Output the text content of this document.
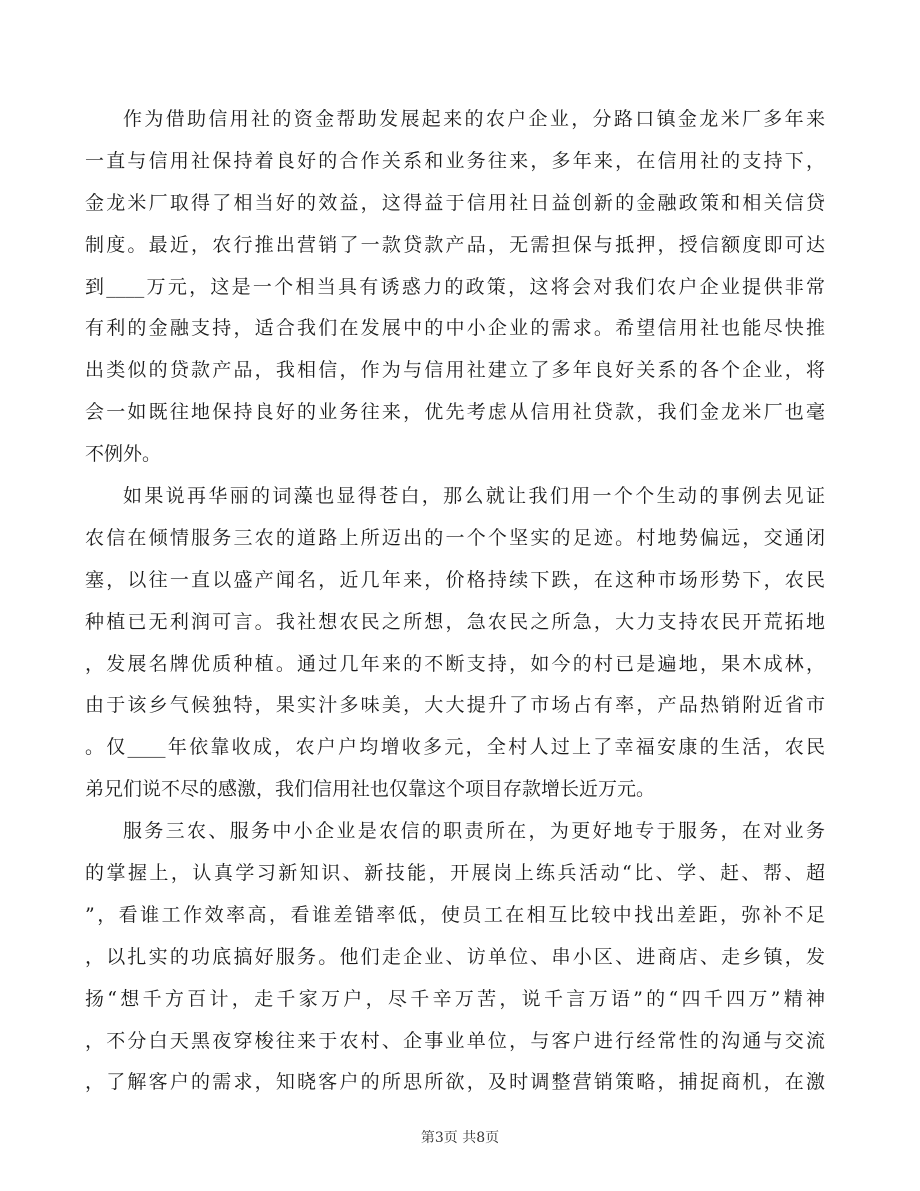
作为借助信用社的资金帮助发展起来的农户企业，分路口镇金龙米厂多年来
一直与信用社保持着良好的合作关系和业务往来，多年来，在信用社的支持下，
金龙米厂取得了相当好的效益，这得益于信用社日益创新的金融政策和相关信贷
制度。最近，农行推出营销了一款贷款产品，无需担保与抵押，授信额度即可达
到____万元，这是一个相当具有诱惑力的政策，这将会对我们农户企业提供非常
有利的金融支持，适合我们在发展中的中小企业的需求。希望信用社也能尽快推
出类似的贷款产品，我相信，作为与信用社建立了多年良好关系的各个企业，将
会一如既往地保持良好的业务往来，优先考虑从信用社贷款，我们金龙米厂也毫
不例外。
如果说再华丽的词藻也显得苍白，那么就让我们用一个个生动的事例去见证
农信在倾情服务三农的道路上所迈出的一个个坚实的足迹。村地势偏远，交通闭
塞，以往一直以盛产闻名，近几年来，价格持续下跌，在这种市场形势下，农民
种植已无利润可言。我社想农民之所想，急农民之所急，大力支持农民开荒拓地
，发展名牌优质种植。通过几年来的不断支持，如今的村已是遍地，果木成林，
由于该乡气候独特，果实汁多味美，大大提升了市场占有率，产品热销附近省市
。仅____年依靠收成，农户户均增收多元，全村人过上了幸福安康的生活，农民
弟兄们说不尽的感激，我们信用社也仅靠这个项目存款增长近万元。
服务三农、服务中小企业是农信的职责所在，为更好地专于服务，在对业务
的掌握上，认真学习新知识、新技能，开展岗上练兵活动“比、学、赶、帮、超
”，看谁工作效率高，看谁差错率低，使员工在相互比较中找出差距，弥补不足
，以扎实的功底搞好服务。他们走企业、访单位、串小区、进商店、走乡镇，发
扬“想千方百计，走千家万户，尽千辛万苦，说千言万语”的“四千四万”精神
，不分白天黑夜穿梭往来于农村、企事业单位，与客户进行经常性的沟通与交流
，了解客户的需求，知晓客户的所思所欲，及时调整营销策略，捕捉商机，在激
第3页 共8页
